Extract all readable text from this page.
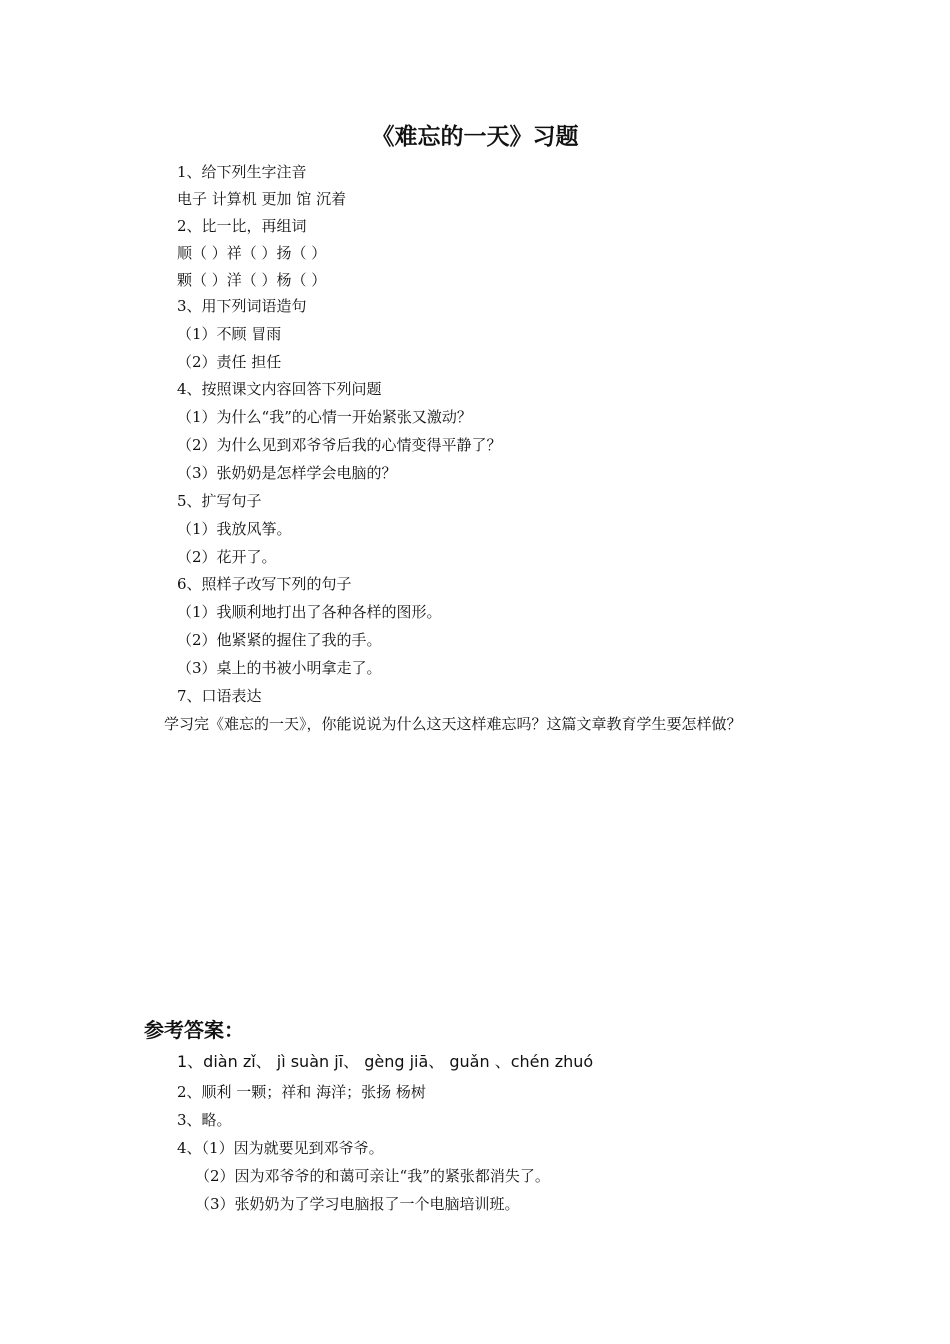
《难忘的一天》习题
1、给下列生字注音
电子 计算机 更加 馆 沉着
2、比一比，再组词
顺（ ）祥（ ）扬（ ）
颗（ ）洋（ ）杨（ ）
3、用下列词语造句
（1）不顾 冒雨
（2）责任 担任
4、按照课文内容回答下列问题
（1）为什么“我”的心情一开始紧张又激动？
（2）为什么见到邓爷爷后我的心情变得平静了？
（3）张奶奶是怎样学会电脑的？
5、扩写句子
（1）我放风筝。
（2）花开了。
6、照样子改写下列的句子
（1）我顺利地打出了各种各样的图形。
（2）他紧紧的握住了我的手。
（3）桌上的书被小明拿走了。
7、口语表达
学习完《难忘的一天》，你能说说为什么这天这样难忘吗？这篇文章教育学生要怎样做？
参考答案：
1、diàn zǐ、 jì suàn jī、 gèng jiā、 guǎn 、chén zhuó
2、顺利 一颗；祥和 海洋；张扬 杨树
3、略。
4、（1）因为就要见到邓爷爷。
（2）因为邓爷爷的和蔼可亲让“我”的紧张都消失了。
（3）张奶奶为了学习电脑报了一个电脑培训班。
